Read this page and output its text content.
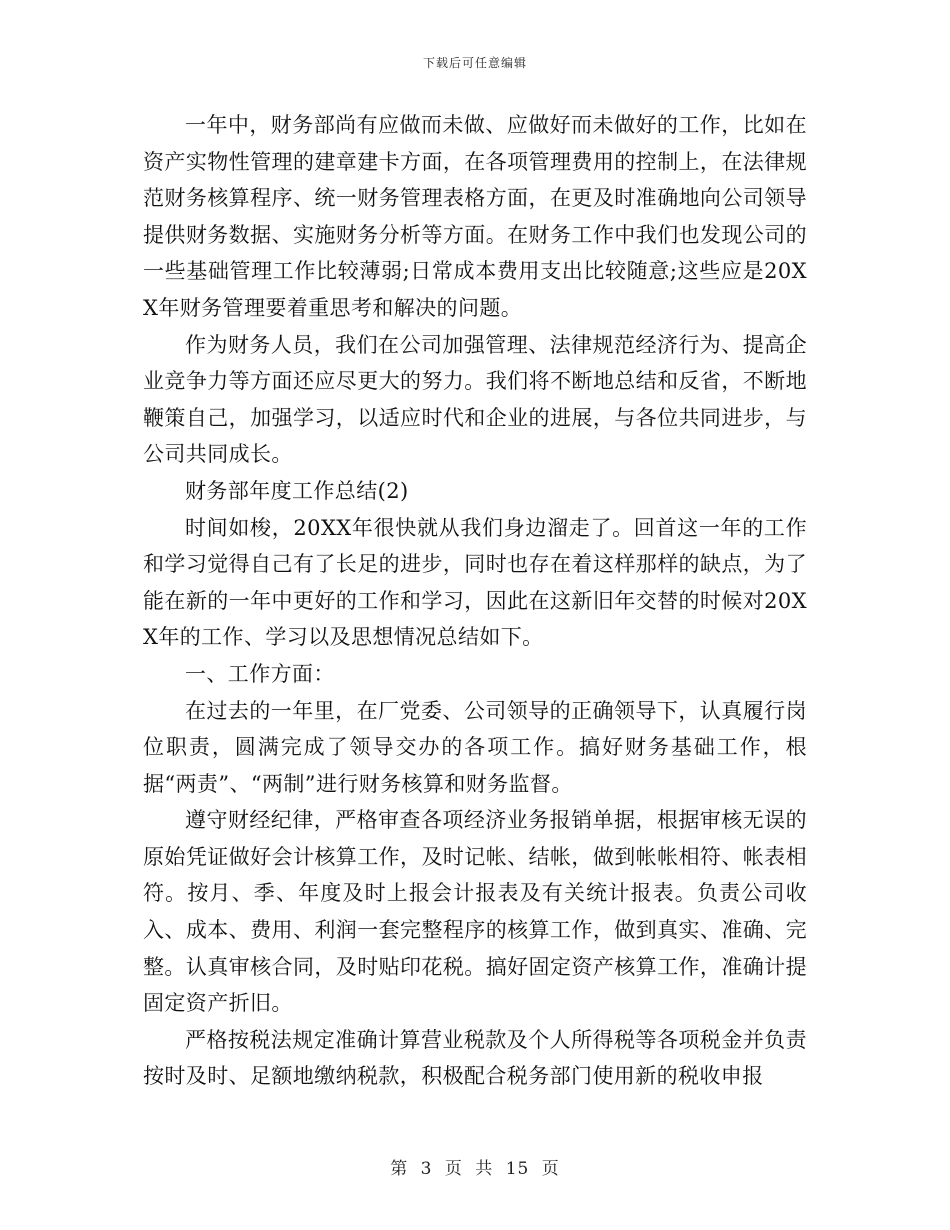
下载后可任意编辑

一年中，财务部尚有应做而未做、应做好而未做好的工作，比如在资产实物性管理的建章建卡方面，在各项管理费用的控制上，在法律规范财务核算程序、统一财务管理表格方面，在更及时准确地向公司领导提供财务数据、实施财务分析等方面。在财务工作中我们也发现公司的一些基础管理工作比较薄弱;日常成本费用支出比较随意;这些应是20XX年财务管理要着重思考和解决的问题。

作为财务人员，我们在公司加强管理、法律规范经济行为、提高企业竞争力等方面还应尽更大的努力。我们将不断地总结和反省，不断地鞭策自己，加强学习，以适应时代和企业的进展，与各位共同进步，与公司共同成长。

财务部年度工作总结(2)

时间如梭，20XX年很快就从我们身边溜走了。回首这一年的工作和学习觉得自己有了长足的进步，同时也存在着这样那样的缺点，为了能在新的一年中更好的工作和学习，因此在这新旧年交替的时候对20XX年的工作、学习以及思想情况总结如下。

一、工作方面：

在过去的一年里，在厂党委、公司领导的正确领导下，认真履行岗位职责，圆满完成了领导交办的各项工作。搞好财务基础工作，根据“两责”、“两制”进行财务核算和财务监督。

遵守财经纪律，严格审查各项经济业务报销单据，根据审核无误的原始凭证做好会计核算工作，及时记帐、结帐，做到帐帐相符、帐表相符。按月、季、年度及时上报会计报表及有关统计报表。负责公司收入、成本、费用、利润一套完整程序的核算工作，做到真实、准确、完整。认真审核合同，及时贴印花税。搞好固定资产核算工作，准确计提固定资产折旧。

严格按税法规定准确计算营业税款及个人所得税等各项税金并负责按时及时、足额地缴纳税款，积极配合税务部门使用新的税收申报

第 3 页 共 15 页
